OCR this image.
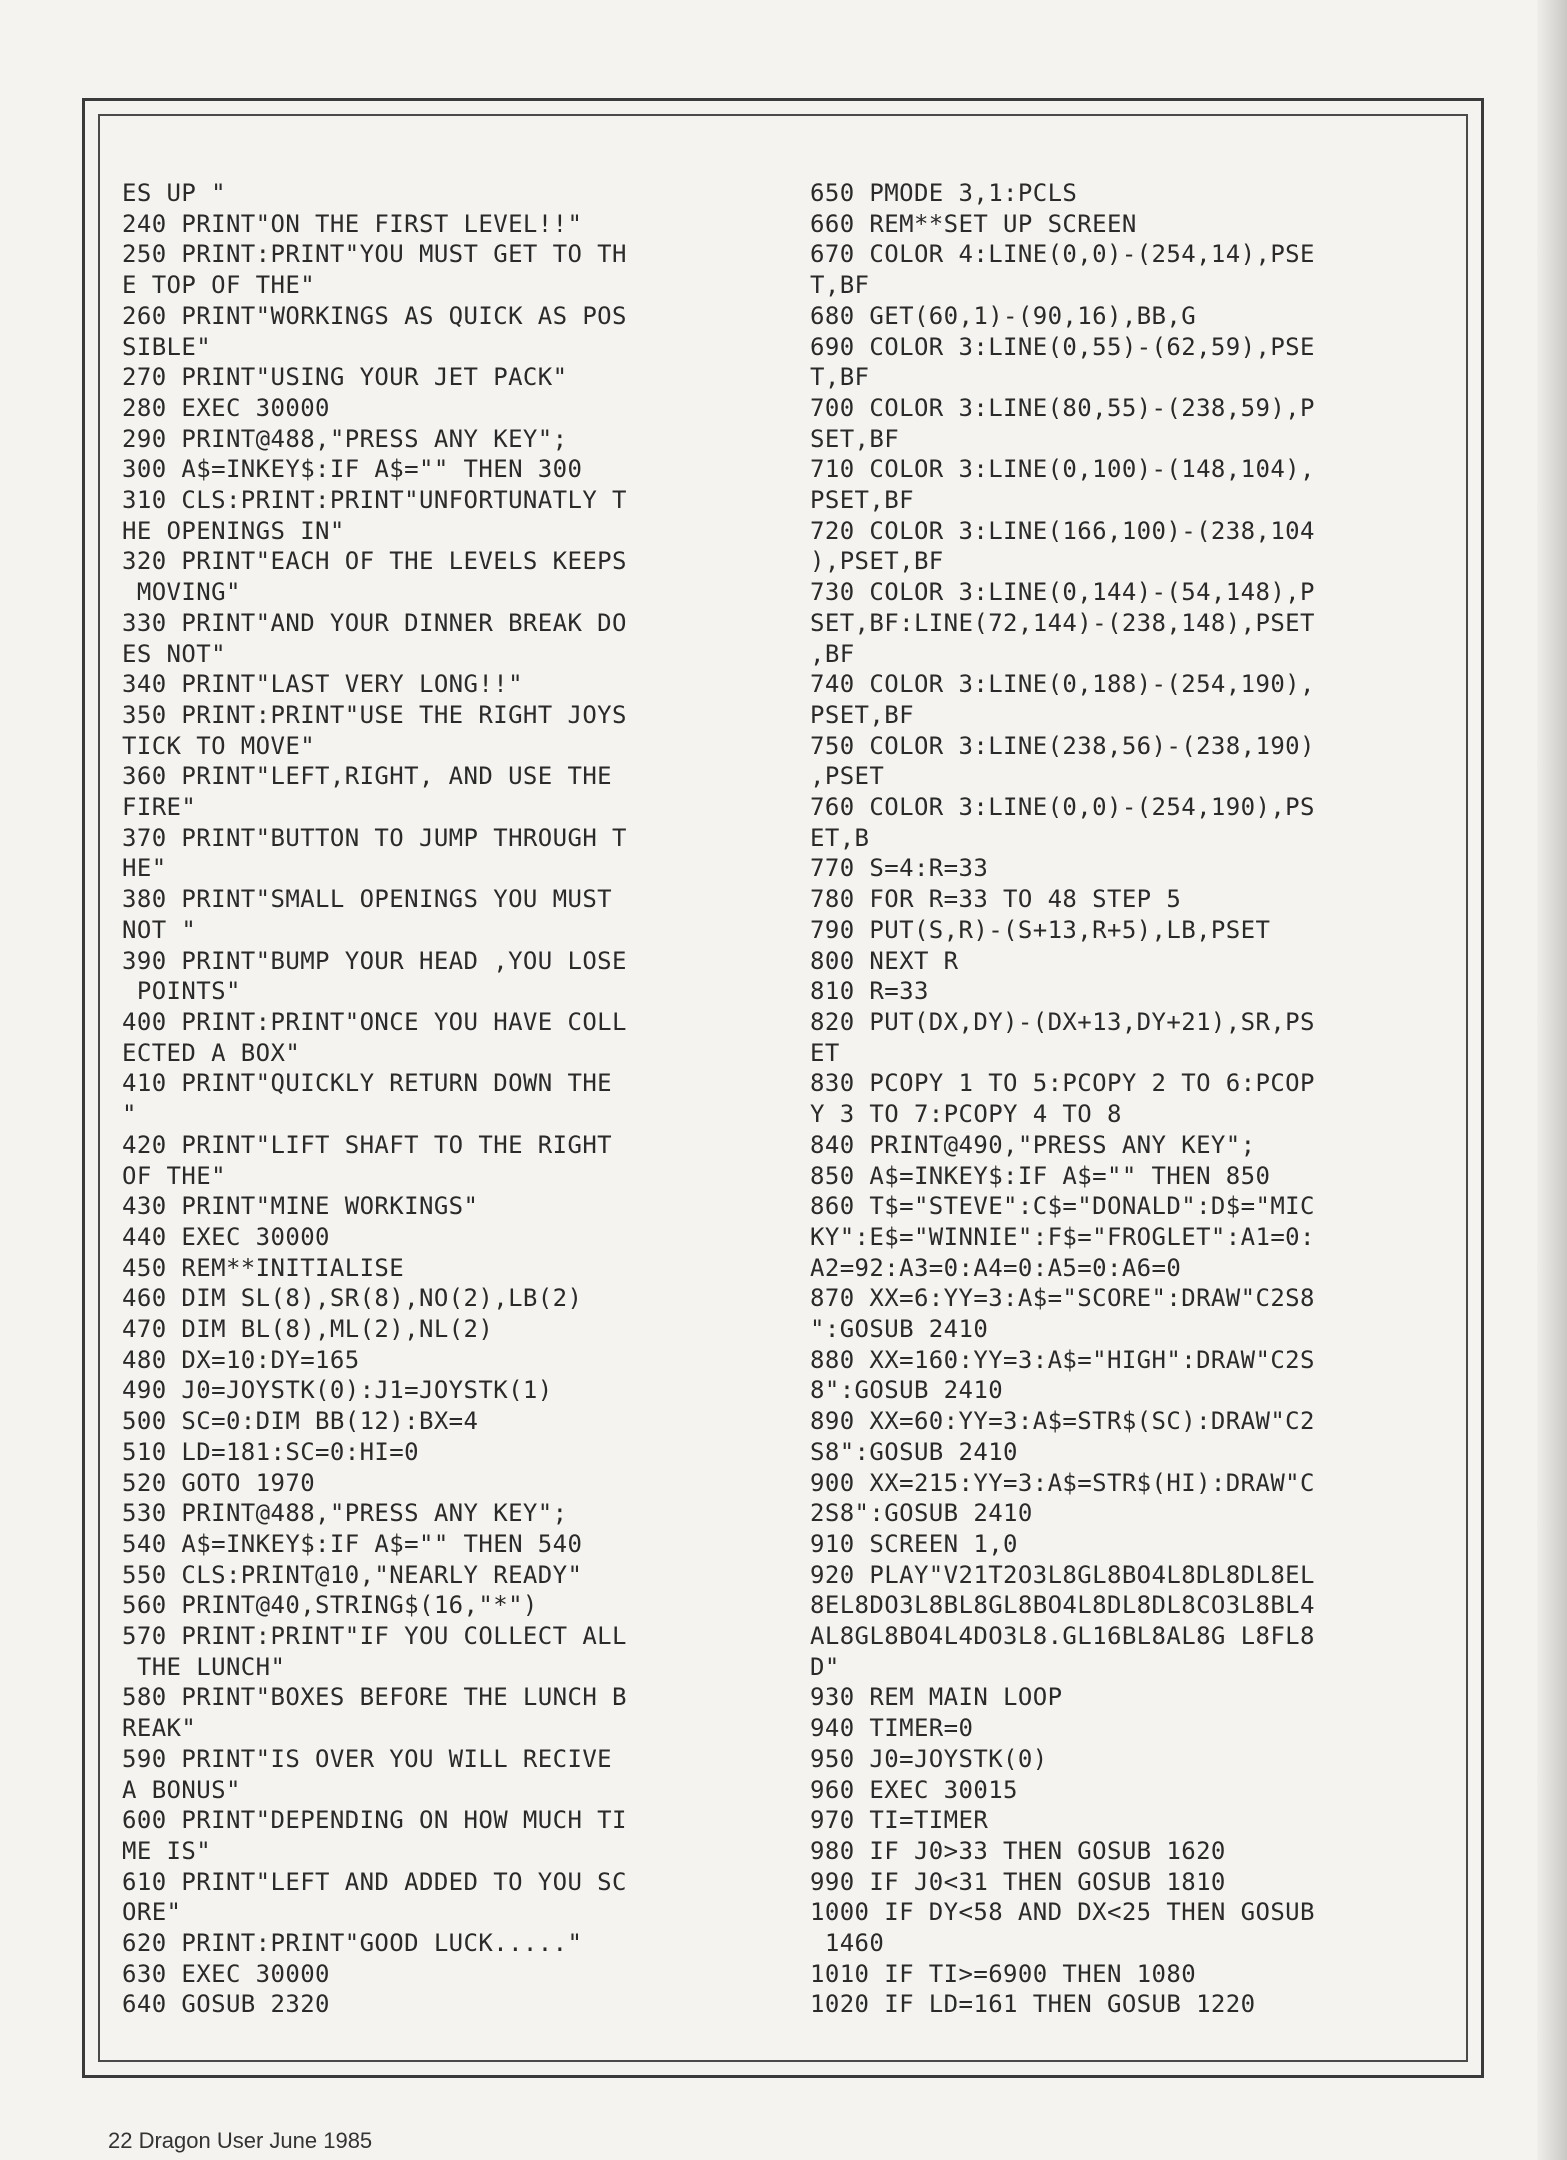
ES UP "
240 PRINT"ON THE FIRST LEVEL!!"
250 PRINT:PRINT"YOU MUST GET TO TH
E TOP OF THE"
260 PRINT"WORKINGS AS QUICK AS POS
SIBLE"
270 PRINT"USING YOUR JET PACK"
280 EXEC 30000
290 PRINT@488,"PRESS ANY KEY";
300 A$=INKEY$:IF A$="" THEN 300
310 CLS:PRINT:PRINT"UNFORTUNATLY T
HE OPENINGS IN"
320 PRINT"EACH OF THE LEVELS KEEPS
MOVING"
330 PRINT"AND YOUR DINNER BREAK DO
ES NOT"
340 PRINT"LAST VERY LONG!!"
350 PRINT:PRINT"USE THE RIGHT JOYS
TICK TO MOVE"
360 PRINT"LEFT,RIGHT, AND USE THE
FIRE"
370 PRINT"BUTTON TO JUMP THROUGH T
HE"
380 PRINT"SMALL OPENINGS YOU MUST
NOT "
390 PRINT"BUMP YOUR HEAD ,YOU LOSE
POINTS"
400 PRINT:PRINT"ONCE YOU HAVE COLL
ECTED A BOX"
410 PRINT"QUICKLY RETURN DOWN THE
"
420 PRINT"LIFT SHAFT TO THE RIGHT
OF THE"
430 PRINT"MINE WORKINGS"
440 EXEC 30000
450 REM**INITIALISE
460 DIM SL(8),SR(8),NO(2),LB(2)
470 DIM BL(8),ML(2),NL(2)
480 DX=10:DY=165
490 J0=JOYSTK(0):J1=JOYSTK(1)
500 SC=0:DIM BB(12):BX=4
510 LD=181:SC=0:HI=0
520 GOTO 1970
530 PRINT@488,"PRESS ANY KEY";
540 A$=INKEY$:IF A$="" THEN 540
550 CLS:PRINT@10,"NEARLY READY"
560 PRINT@40,STRING$(16,"*")
570 PRINT:PRINT"IF YOU COLLECT ALL
THE LUNCH"
580 PRINT"BOXES BEFORE THE LUNCH B
REAK"
590 PRINT"IS OVER YOU WILL RECIVE
A BONUS"
600 PRINT"DEPENDING ON HOW MUCH TI
ME IS"
610 PRINT"LEFT AND ADDED TO YOU SC
ORE"
620 PRINT:PRINT"GOOD LUCK....."
630 EXEC 30000
640 GOSUB 2320
650 PMODE 3,1:PCLS
660 REM**SET UP SCREEN
670 COLOR 4:LINE(0,0)-(254,14),PSE
T,BF
680 GET(60,1)-(90,16),BB,G
690 COLOR 3:LINE(0,55)-(62,59),PSE
T,BF
700 COLOR 3:LINE(80,55)-(238,59),P
SET,BF
710 COLOR 3:LINE(0,100)-(148,104),
PSET,BF
720 COLOR 3:LINE(166,100)-(238,104
),PSET,BF
730 COLOR 3:LINE(0,144)-(54,148),P
SET,BF:LINE(72,144)-(238,148),PSET
,BF
740 COLOR 3:LINE(0,188)-(254,190),
PSET,BF
750 COLOR 3:LINE(238,56)-(238,190)
,PSET
760 COLOR 3:LINE(0,0)-(254,190),PS
ET,B
770 S=4:R=33
780 FOR R=33 TO 48 STEP 5
790 PUT(S,R)-(S+13,R+5),LB,PSET
800 NEXT R
810 R=33
820 PUT(DX,DY)-(DX+13,DY+21),SR,PS
ET
830 PCOPY 1 TO 5:PCOPY 2 TO 6:PCOP
Y 3 TO 7:PCOPY 4 TO 8
840 PRINT@490,"PRESS ANY KEY";
850 A$=INKEY$:IF A$="" THEN 850
860 T$="STEVE":C$="DONALD":D$="MIC
KY":E$="WINNIE":F$="FROGLET":A1=0:
A2=92:A3=0:A4=0:A5=0:A6=0
870 XX=6:YY=3:A$="SCORE":DRAW"C2S8
":GOSUB 2410
880 XX=160:YY=3:A$="HIGH":DRAW"C2S
8":GOSUB 2410
890 XX=60:YY=3:A$=STR$(SC):DRAW"C2
S8":GOSUB 2410
900 XX=215:YY=3:A$=STR$(HI):DRAW"C
2S8":GOSUB 2410
910 SCREEN 1,0
920 PLAY"V21T2O3L8GL8BO4L8DL8DL8EL
8EL8DO3L8BL8GL8BO4L8DL8DL8CO3L8BL4
AL8GL8BO4L4DO3L8.GL16BL8AL8G L8FL8
D"
930 REM MAIN LOOP
940 TIMER=0
950 J0=JOYSTK(0)
960 EXEC 30015
970 TI=TIMER
980 IF J0>33 THEN GOSUB 1620
990 IF J0<31 THEN GOSUB 1810
1000 IF DY<58 AND DX<25 THEN GOSUB
1460
1010 IF TI>=6900 THEN 1080
1020 IF LD=161 THEN GOSUB 1220
22 Dragon User June 1985
